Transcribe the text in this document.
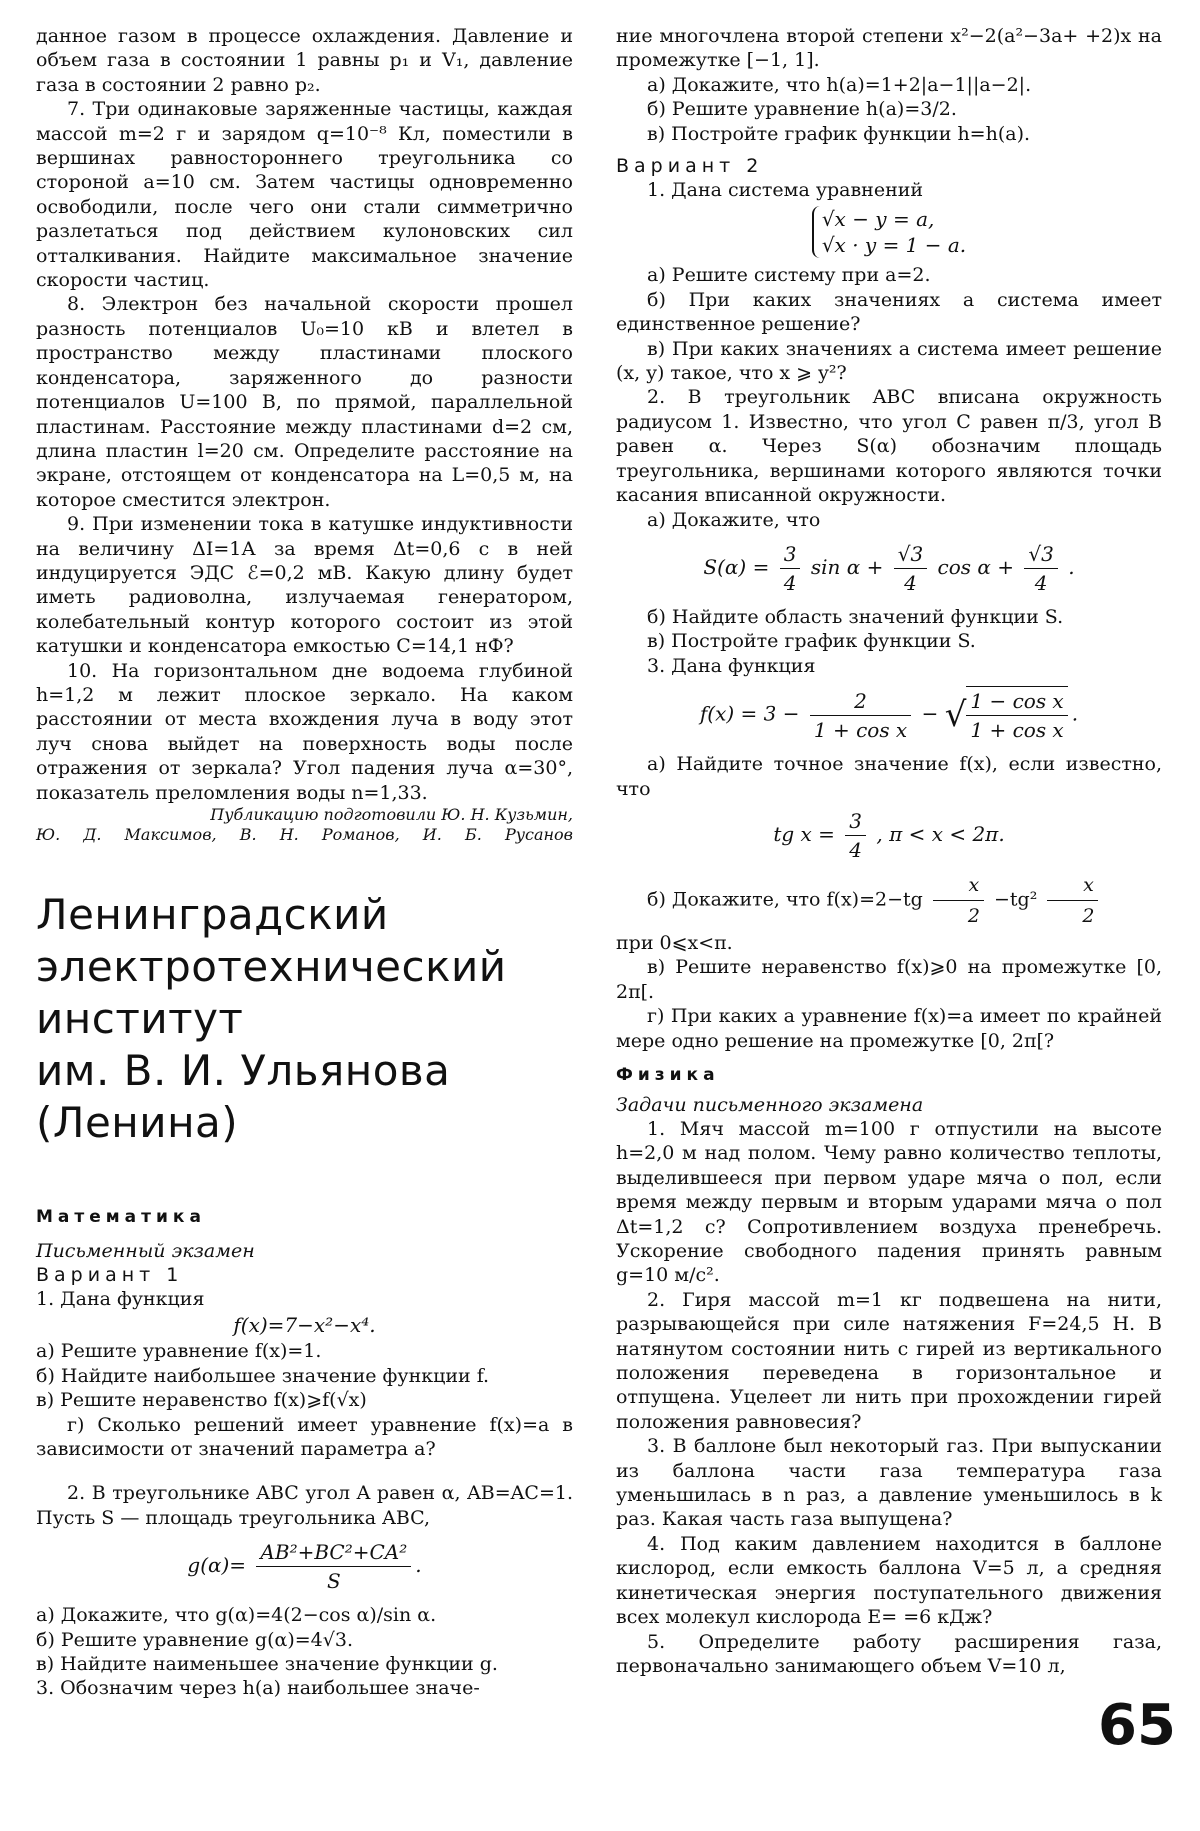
данное газом в процессе охлаждения. Давление и объем газа в состоянии 1 равны p₁ и V₁, давление газа в состоянии 2 равно p₂.

7. Три одинаковые заряженные частицы, каждая массой m=2 г и зарядом q=10⁻⁸ Кл, поместили в вершинах равностороннего треугольника со стороной a=10 см. Затем частицы одновременно освободили, после чего они стали симметрично разлетаться под действием кулоновских сил отталкивания. Найдите максимальное значение скорости частиц.

8. Электрон без начальной скорости прошел разность потенциалов U₀=10 кВ и влетел в пространство между пластинами плоского конденсатора, заряженного до разности потенциалов U=100 В, по прямой, параллельной пластинам. Расстояние между пластинами d=2 см, длина пластин l=20 см. Определите расстояние на экране, отстоящем от конденсатора на L=0,5 м, на которое сместится электрон.

9. При изменении тока в катушке индуктивности на величину ΔI=1А за время Δt=0,6 с в ней индуцируется ЭДС ℰ=0,2 мВ. Какую длину будет иметь радиоволна, излучаемая генератором, колебательный контур которого состоит из этой катушки и конденсатора емкостью C=14,1 нФ?

10. На горизонтальном дне водоема глубиной h=1,2 м лежит плоское зеркало. На каком расстоянии от места вхождения луча в воду этот луч снова выйдет на поверхность воды после отражения от зеркала? Угол падения луча α=30°, показатель преломления воды n=1,33.

Публикацию подготовили Ю. Н. Кузьмин,

Ю. Д. Максимов, В. Н. Романов, И. Б. Русанов

Ленинградский
электротехнический
институт
им. В. И. Ульянова
(Ленина)
Математика
Письменный экзамен
Вариант 1

1. Дана функция

f(x)=7−x²−x⁴.

а) Решите уравнение f(x)=1.

б) Найдите наибольшее значение функции f.

в) Решите неравенство f(x)⩾f(√x)

г) Сколько решений имеет уравнение f(x)=a в зависимости от значений параметра a?

2. В треугольнике ABC угол A равен α, AB=AC=1. Пусть S — площадь треугольника ABC,

$g(\alpha)= \frac{\text{AB²+BC²+CA²}}{S}$ .

а) Докажите, что g(α)=4(2−cos α)/sin α.

б) Решите уравнение g(α)=4√3.

в) Найдите наименьшее значение функции g.

3. Обозначим через h(a) наибольшее значе-

ние многочлена второй степени x²−2(a²−3a+ +2)x на промежутке [−1, 1].

а) Докажите, что h(a)=1+2|a−1||a−2|.

б) Решите уравнение h(a)=3/2.

в) Постройте график функции h=h(a).

Вариант 2

1. Дана система уравнений

√x − y = a,
√x · y = 1 − a.

а) Решите систему при a=2.

б) При каких значениях a система имеет единственное решение?

в) При каких значениях a система имеет решение (x, y) такое, что x ⩾ y²?

2. В треугольник ABC вписана окружность радиусом 1. Известно, что угол C равен π/3, угол B равен α. Через S(α) обозначим площадь треугольника, вершинами которого являются точки касания вписанной окружности.

а) Докажите, что

$S(\alpha) = \frac{3}{4}$ $\sin \alpha + \frac{√3}{4}$ $\cos \alpha + \frac{√3}{4}$ .

б) Найдите область значений функции S.

в) Постройте график функции S.

3. Дана функция

$f(x) = 3 - \frac{2}{\text{1 + cos x}}$ − √ $\frac{\text{1 − cos x}}{\text{1 + cos x}}$ .

а) Найдите точное значение f(x), если известно, что

tg $x = \frac{3}{4}$ , π < x < 2π.

б) Докажите, что $f(x)=2-tg \frac{x}{2} -tg^2 \frac{x}{2}$

при 0⩽x<π.

в) Решите неравенство f(x)⩾0 на промежутке [0, 2π[.

г) При каких a уравнение f(x)=a имеет по крайней мере одно решение на промежутке [0, 2π[?

Физика
Задачи письменного экзамена

1. Мяч массой m=100 г отпустили на высоте h=2,0 м над полом. Чему равно количество теплоты, выделившееся при первом ударе мяча о пол, если время между первым и вторым ударами мяча о пол Δt=1,2 с? Сопротивлением воздуха пренебречь. Ускорение свободного падения принять равным g=10 м/с².

2. Гиря массой m=1 кг подвешена на нити, разрывающейся при силе натяжения F=24,5 Н. В натянутом состоянии нить с гирей из вертикального положения переведена в горизонтальное и отпущена. Уцелеет ли нить при прохождении гирей положения равновесия?

3. В баллоне был некоторый газ. При выпускании из баллона части газа температура газа уменьшилась в n раз, а давление уменьшилось в k раз. Какая часть газа выпущена?

4. Под каким давлением находится в баллоне кислород, если емкость баллона V=5 л, а средняя кинетическая энергия поступательного движения всех молекул кислорода E= =6 кДж?

5. Определите работу расширения газа, первоначально занимающего объем V=10 л,

65
